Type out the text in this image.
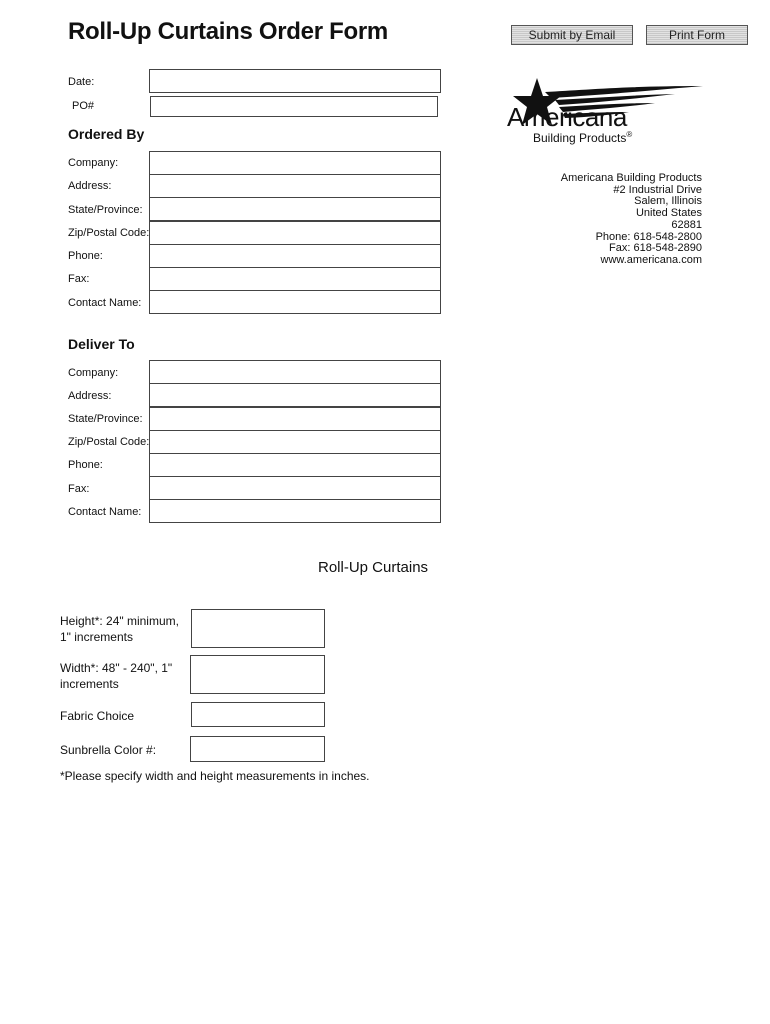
Roll-Up Curtains Order Form	Submit by Email	Print Form
Date:
PO#
Ordered By
Company:
Address:
State/Province:
Zip/Postal Code:
Phone:
Fax:
Contact Name:
Deliver To
Company:
Address:
State/Province:
Zip/Postal Code:
Phone:
Fax:
Contact Name:
Roll-Up Curtains
Height*: 24" minimum, 1" increments
Width*: 48" - 240", 1" increments
Fabric Choice
Sunbrella Color #:
*Please specify width and height measurements in inches.
Americana
Building Products®
Americana Building Products
#2 Industrial Drive
Salem, Illinois
United States
62881
Phone: 618-548-2800
Fax: 618-548-2890
www.americana.com
